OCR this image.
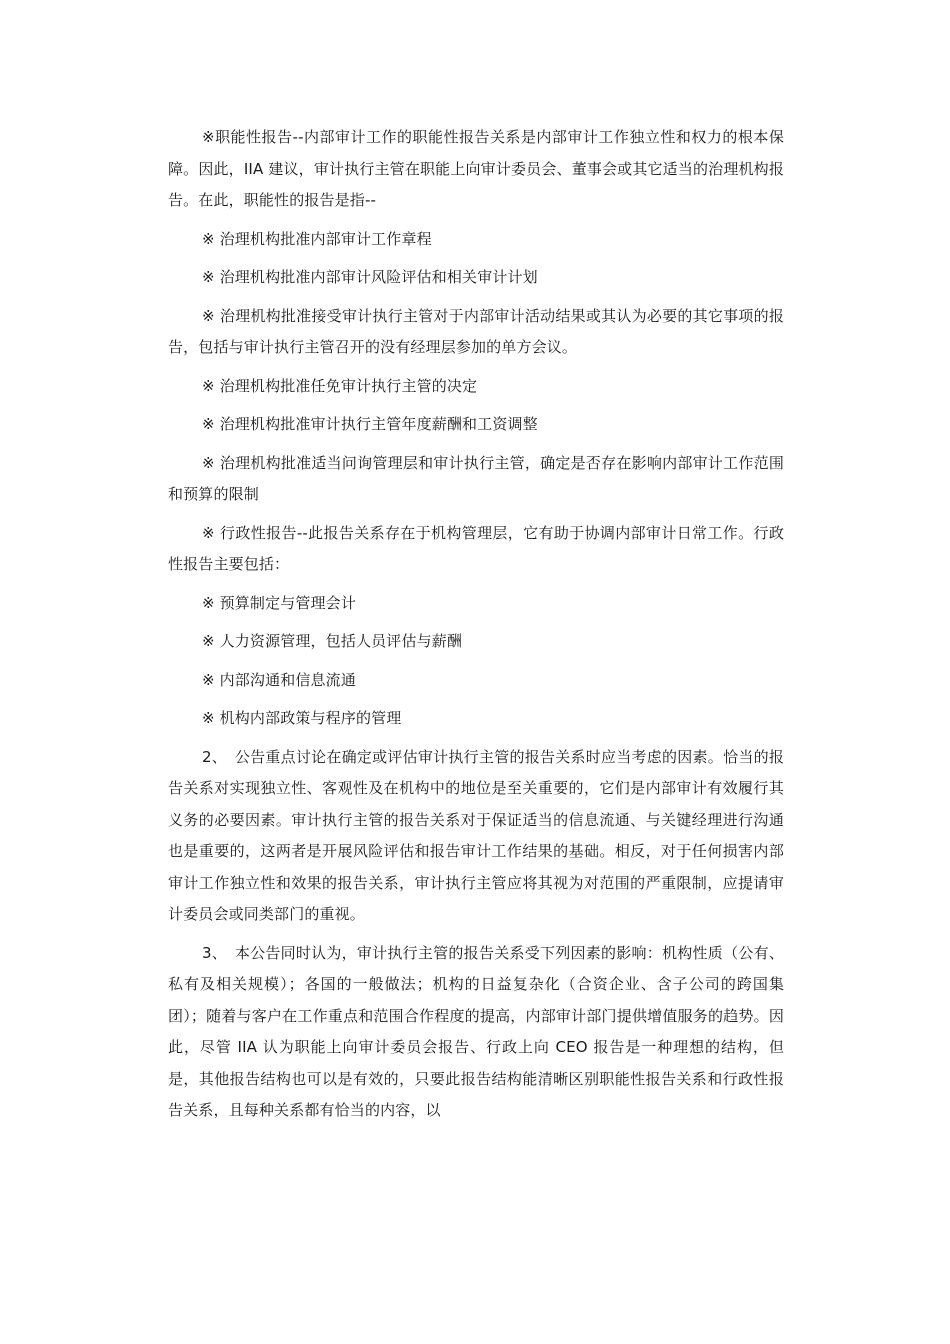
※职能性报告--内部审计工作的职能性报告关系是内部审计工作独立性和权力的根本保障。因此，IIA 建议，审计执行主管在职能上向审计委员会、董事会或其它适当的治理机构报告。在此，职能性的报告是指--

※ 治理机构批准内部审计工作章程

※ 治理机构批准内部审计风险评估和相关审计计划

※ 治理机构批准接受审计执行主管对于内部审计活动结果或其认为必要的其它事项的报告，包括与审计执行主管召开的没有经理层参加的单方会议。

※ 治理机构批准任免审计执行主管的决定

※ 治理机构批准审计执行主管年度薪酬和工资调整

※ 治理机构批准适当问询管理层和审计执行主管，确定是否存在影响内部审计工作范围和预算的限制

※ 行政性报告--此报告关系存在于机构管理层，它有助于协调内部审计日常工作。行政性报告主要包括：

※ 预算制定与管理会计

※ 人力资源管理，包括人员评估与薪酬

※ 内部沟通和信息流通

※ 机构内部政策与程序的管理

2、　公告重点讨论在确定或评估审计执行主管的报告关系时应当考虑的因素。恰当的报告关系对实现独立性、客观性及在机构中的地位是至关重要的，它们是内部审计有效履行其义务的必要因素。审计执行主管的报告关系对于保证适当的信息流通、与关键经理进行沟通也是重要的，这两者是开展风险评估和报告审计工作结果的基础。相反，对于任何损害内部审计工作独立性和效果的报告关系，审计执行主管应将其视为对范围的严重限制，应提请审计委员会或同类部门的重视。

3、　本公告同时认为，审计执行主管的报告关系受下列因素的影响：机构性质（公有、私有及相关规模）；各国的一般做法；机构的日益复杂化（合资企业、含子公司的跨国集团）；随着与客户在工作重点和范围合作程度的提高，内部审计部门提供增值服务的趋势。因此，尽管 IIA 认为职能上向审计委员会报告、行政上向 CEO 报告是一种理想的结构，但是，其他报告结构也可以是有效的，只要此报告结构能清晰区别职能性报告关系和行政性报告关系，且每种关系都有恰当的内容，以
